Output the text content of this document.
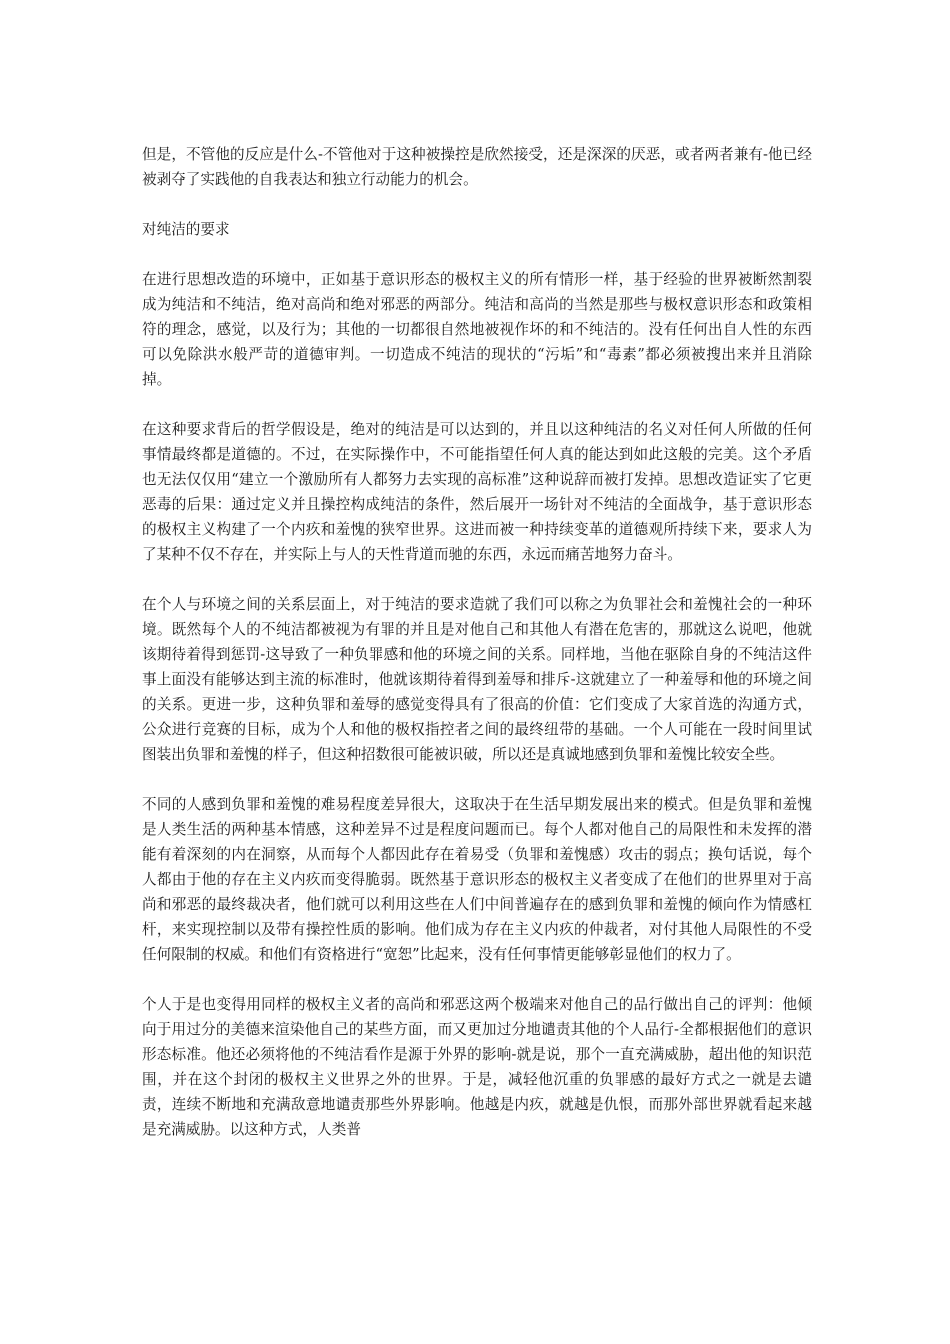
但是，不管他的反应是什么-不管他对于这种被操控是欣然接受，还是深深的厌恶，或者两者兼有-他已经被剥夺了实践他的自我表达和独立行动能力的机会。

对纯洁的要求

在进行思想改造的环境中，正如基于意识形态的极权主义的所有情形一样，基于经验的世界被断然割裂成为纯洁和不纯洁，绝对高尚和绝对邪恶的两部分。纯洁和高尚的当然是那些与极权意识形态和政策相符的理念，感觉，以及行为；其他的一切都很自然地被视作坏的和不纯洁的。没有任何出自人性的东西可以免除洪水般严苛的道德审判。一切造成不纯洁的现状的“污垢”和“毒素”都必须被搜出来并且消除掉。

在这种要求背后的哲学假设是，绝对的纯洁是可以达到的，并且以这种纯洁的名义对任何人所做的任何事情最终都是道德的。不过，在实际操作中，不可能指望任何人真的能达到如此这般的完美。这个矛盾也无法仅仅用“建立一个激励所有人都努力去实现的高标准”这种说辞而被打发掉。思想改造证实了它更恶毒的后果：通过定义并且操控构成纯洁的条件，然后展开一场针对不纯洁的全面战争，基于意识形态的极权主义构建了一个内疚和羞愧的狭窄世界。这进而被一种持续变革的道德观所持续下来，要求人为了某种不仅不存在，并实际上与人的天性背道而驰的东西，永远而痛苦地努力奋斗。

在个人与环境之间的关系层面上，对于纯洁的要求造就了我们可以称之为负罪社会和羞愧社会的一种环境。既然每个人的不纯洁都被视为有罪的并且是对他自己和其他人有潜在危害的，那就这么说吧，他就该期待着得到惩罚-这导致了一种负罪感和他的环境之间的关系。同样地，当他在驱除自身的不纯洁这件事上面没有能够达到主流的标准时，他就该期待着得到羞辱和排斥-这就建立了一种羞辱和他的环境之间的关系。更进一步，这种负罪和羞辱的感觉变得具有了很高的价值：它们变成了大家首选的沟通方式，公众进行竞赛的目标，成为个人和他的极权指控者之间的最终纽带的基础。一个人可能在一段时间里试图装出负罪和羞愧的样子，但这种招数很可能被识破，所以还是真诚地感到负罪和羞愧比较安全些。

不同的人感到负罪和羞愧的难易程度差异很大，这取决于在生活早期发展出来的模式。但是负罪和羞愧是人类生活的两种基本情感，这种差异不过是程度问题而已。每个人都对他自己的局限性和未发挥的潜能有着深刻的内在洞察，从而每个人都因此存在着易受（负罪和羞愧感）攻击的弱点；换句话说，每个人都由于他的存在主义内疚而变得脆弱。既然基于意识形态的极权主义者变成了在他们的世界里对于高尚和邪恶的最终裁决者，他们就可以利用这些在人们中间普遍存在的感到负罪和羞愧的倾向作为情感杠杆，来实现控制以及带有操控性质的影响。他们成为存在主义内疚的仲裁者，对付其他人局限性的不受任何限制的权威。和他们有资格进行“宽恕”比起来，没有任何事情更能够彰显他们的权力了。

个人于是也变得用同样的极权主义者的高尚和邪恶这两个极端来对他自己的品行做出自己的评判：他倾向于用过分的美德来渲染他自己的某些方面，而又更加过分地谴责其他的个人品行-全都根据他们的意识形态标准。他还必须将他的不纯洁看作是源于外界的影响-就是说，那个一直充满威胁，超出他的知识范围，并在这个封闭的极权主义世界之外的世界。于是，减轻他沉重的负罪感的最好方式之一就是去谴责，连续不断地和充满敌意地谴责那些外界影响。他越是内疚，就越是仇恨，而那外部世界就看起来越是充满威胁。以这种方式，人类普
